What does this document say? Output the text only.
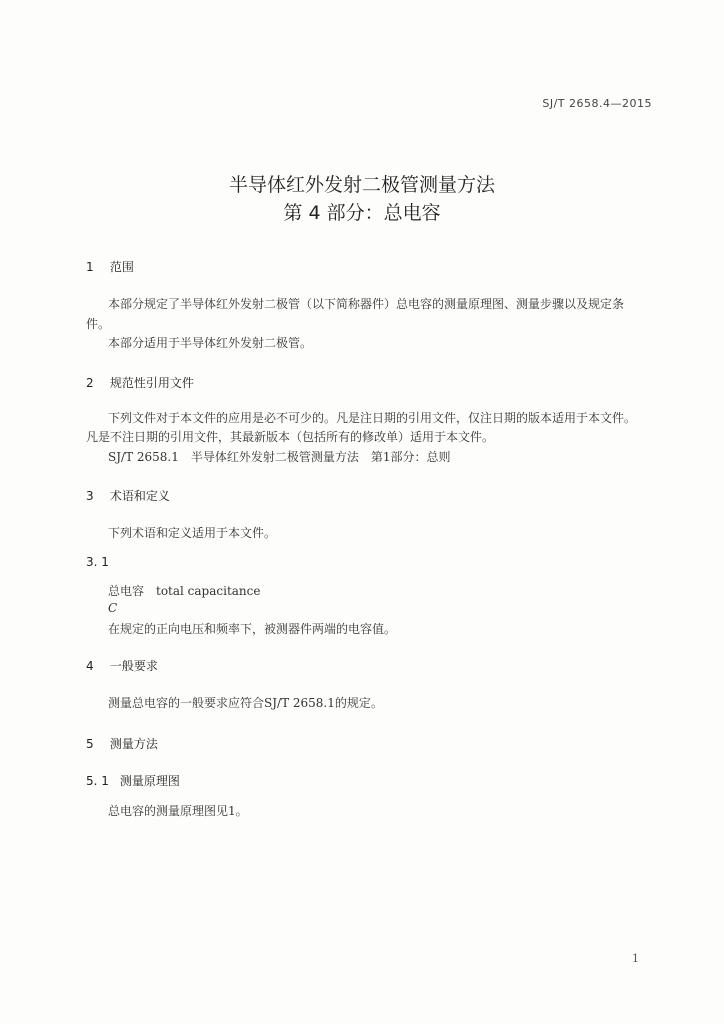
SJ/T 2658.4—2015
半导体红外发射二极管测量方法
第 4 部分：总电容
1 范围
本部分规定了半导体红外发射二极管（以下简称器件）总电容的测量原理图、测量步骤以及规定条
件。
本部分适用于半导体红外发射二极管。
2 规范性引用文件
下列文件对于本文件的应用是必不可少的。凡是注日期的引用文件，仅注日期的版本适用于本文件。
凡是不注日期的引用文件，其最新版本（包括所有的修改单）适用于本文件。
SJ/T 2658.1　半导体红外发射二极管测量方法　第1部分：总则
3 术语和定义
下列术语和定义适用于本文件。
3. 1
总电容　total capacitance
C
在规定的正向电压和频率下，被测器件两端的电容值。
4 一般要求
测量总电容的一般要求应符合SJ/T 2658.1的规定。
5 测量方法
5. 1 测量原理图
总电容的测量原理图见1。
1
